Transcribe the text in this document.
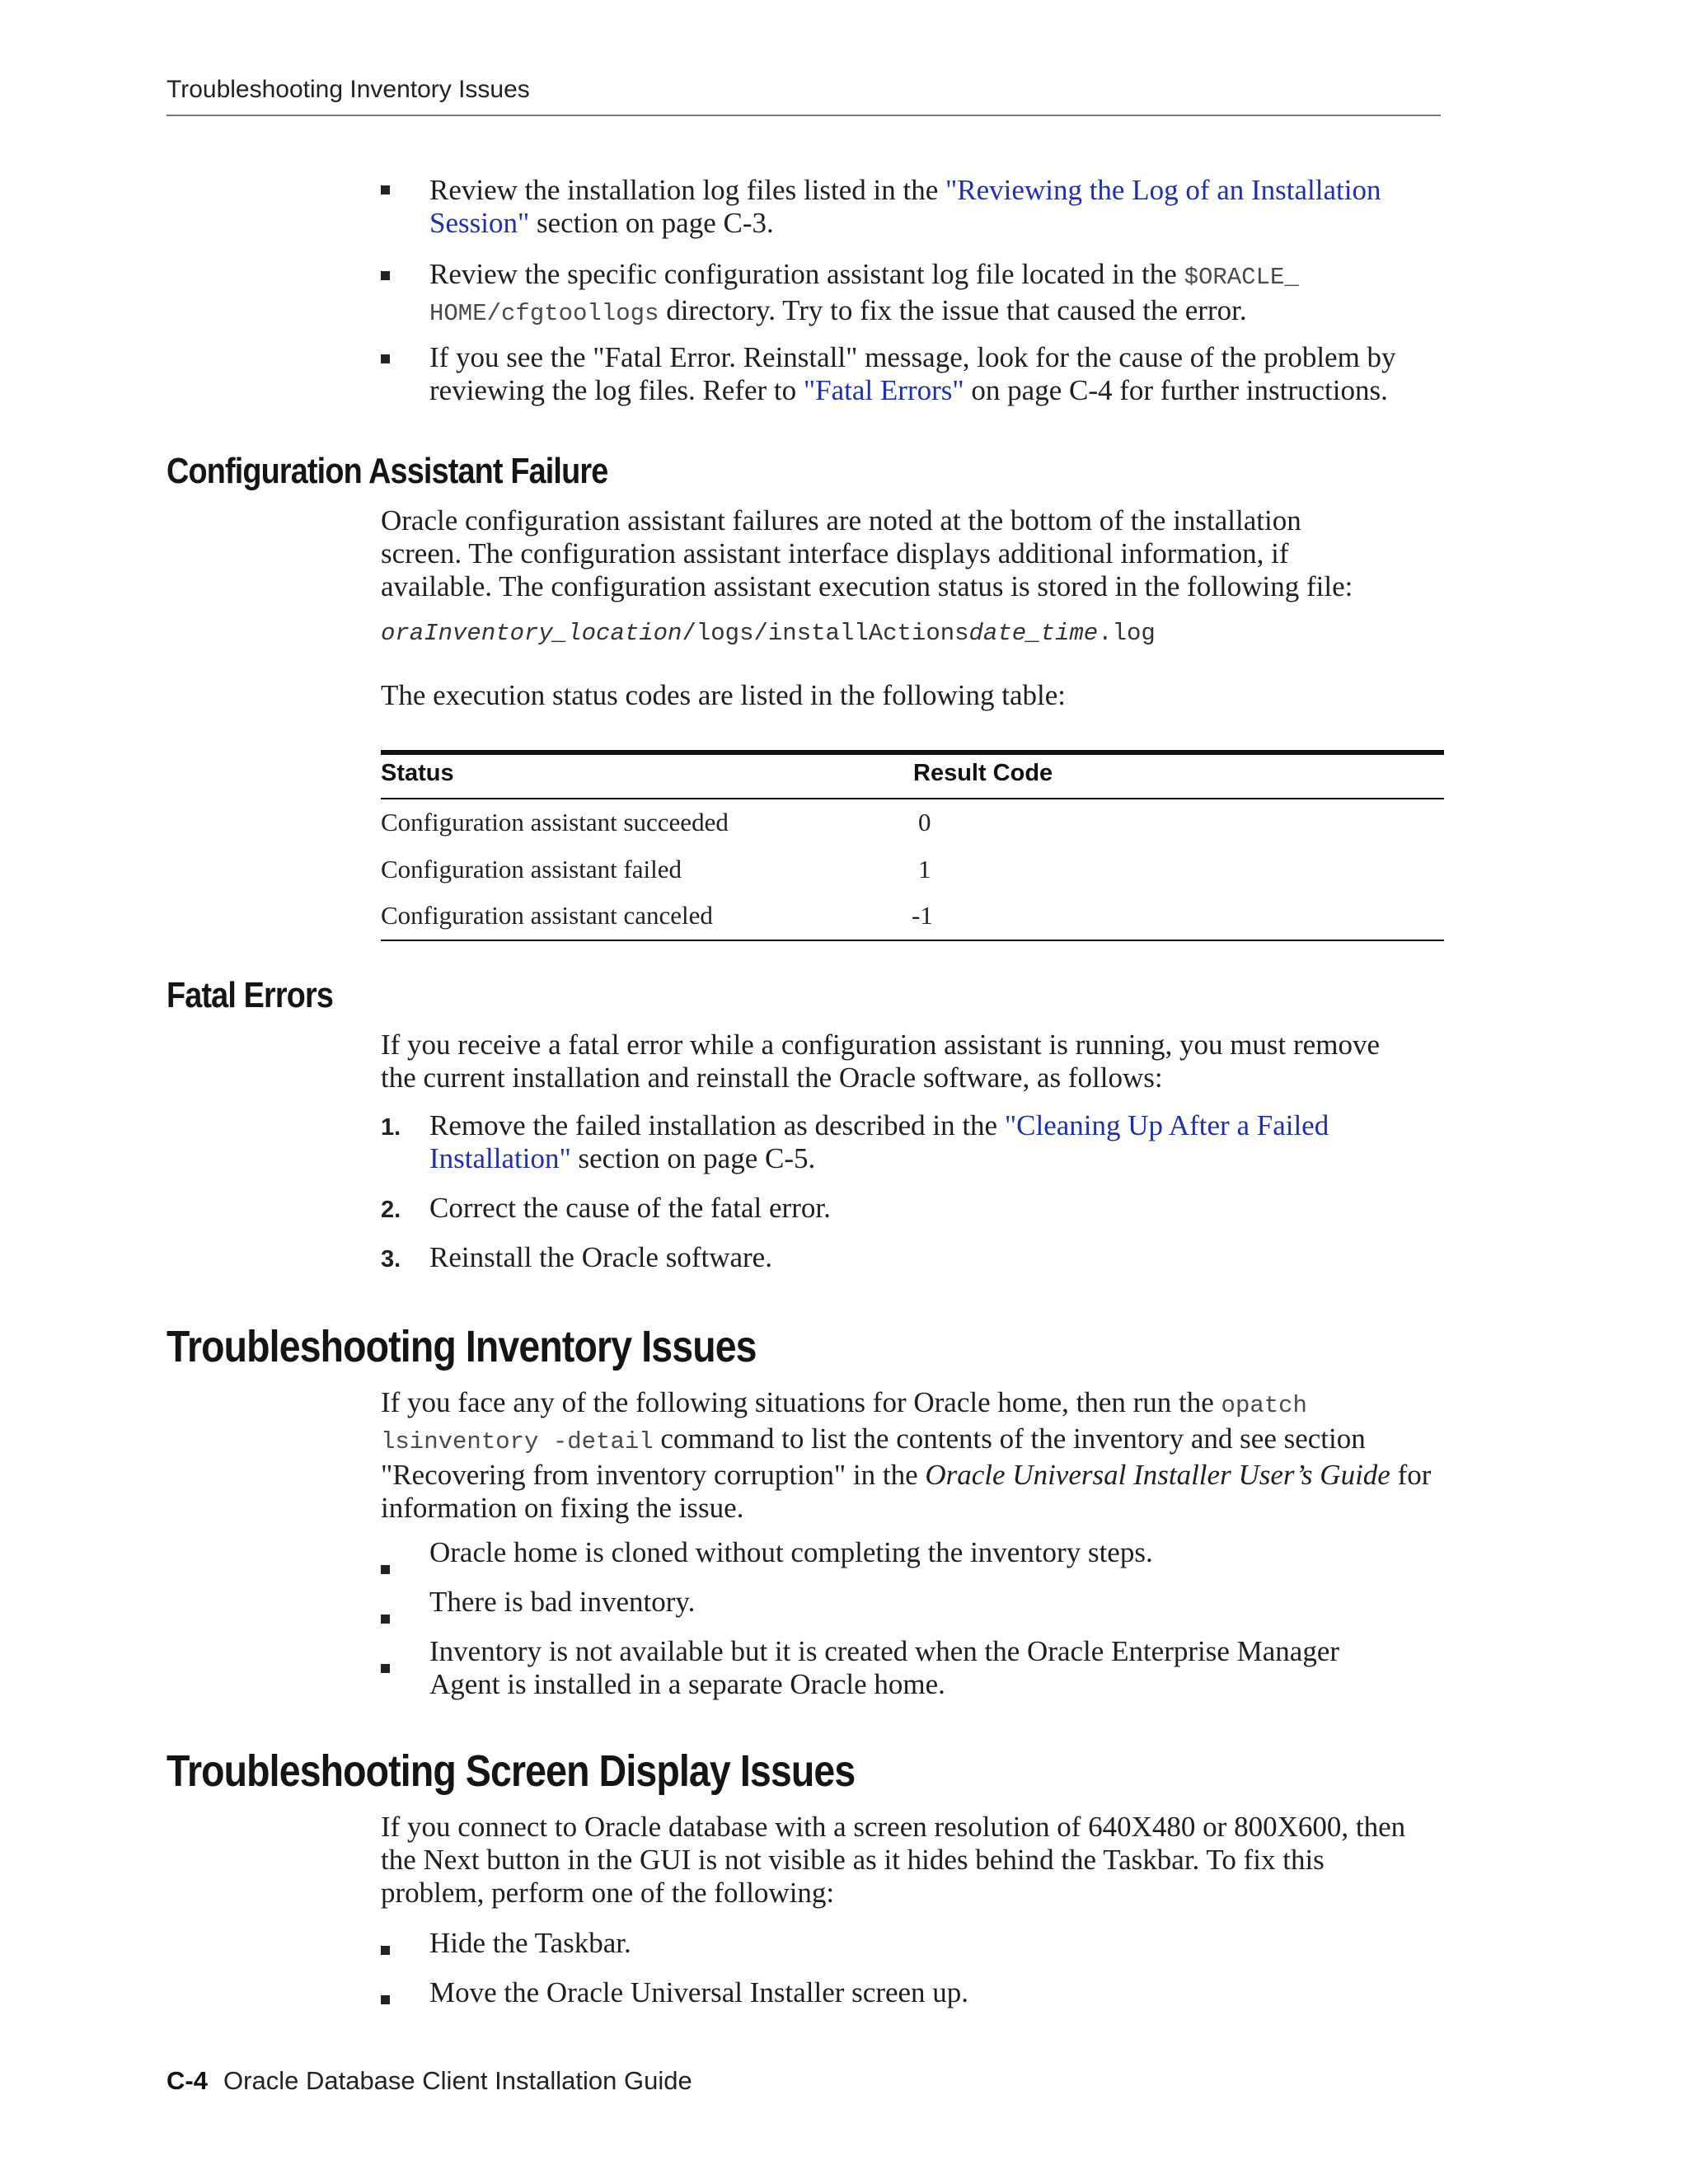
Troubleshooting Inventory Issues
Review the installation log files listed in the "Reviewing the Log of an Installation
Session" section on page C-3.
Review the specific configuration assistant log file located in the $ORACLE_
HOME/cfgtoollogs directory. Try to fix the issue that caused the error.
If you see the "Fatal Error. Reinstall" message, look for the cause of the problem by
reviewing the log files. Refer to "Fatal Errors" on page C-4 for further instructions.
Configuration Assistant Failure
Oracle configuration assistant failures are noted at the bottom of the installation
screen. The configuration assistant interface displays additional information, if
available. The configuration assistant execution status is stored in the following file:
oraInventory_location/logs/installActionsdate_time.log
The execution status codes are listed in the following table:
Status	Result Code
Configuration assistant succeeded	0
Configuration assistant failed	1
Configuration assistant canceled	-1
Fatal Errors
If you receive a fatal error while a configuration assistant is running, you must remove
the current installation and reinstall the Oracle software, as follows:
1. Remove the failed installation as described in the "Cleaning Up After a Failed
Installation" section on page C-5.
2. Correct the cause of the fatal error.
3. Reinstall the Oracle software.
Troubleshooting Inventory Issues
If you face any of the following situations for Oracle home, then run the opatch
lsinventory -detail command to list the contents of the inventory and see section
"Recovering from inventory corruption" in the Oracle Universal Installer User’s Guide for
information on fixing the issue.
Oracle home is cloned without completing the inventory steps.
There is bad inventory.
Inventory is not available but it is created when the Oracle Enterprise Manager
Agent is installed in a separate Oracle home.
Troubleshooting Screen Display Issues
If you connect to Oracle database with a screen resolution of 640X480 or 800X600, then
the Next button in the GUI is not visible as it hides behind the Taskbar. To fix this
problem, perform one of the following:
Hide the Taskbar.
Move the Oracle Universal Installer screen up.
C-4 Oracle Database Client Installation Guide
